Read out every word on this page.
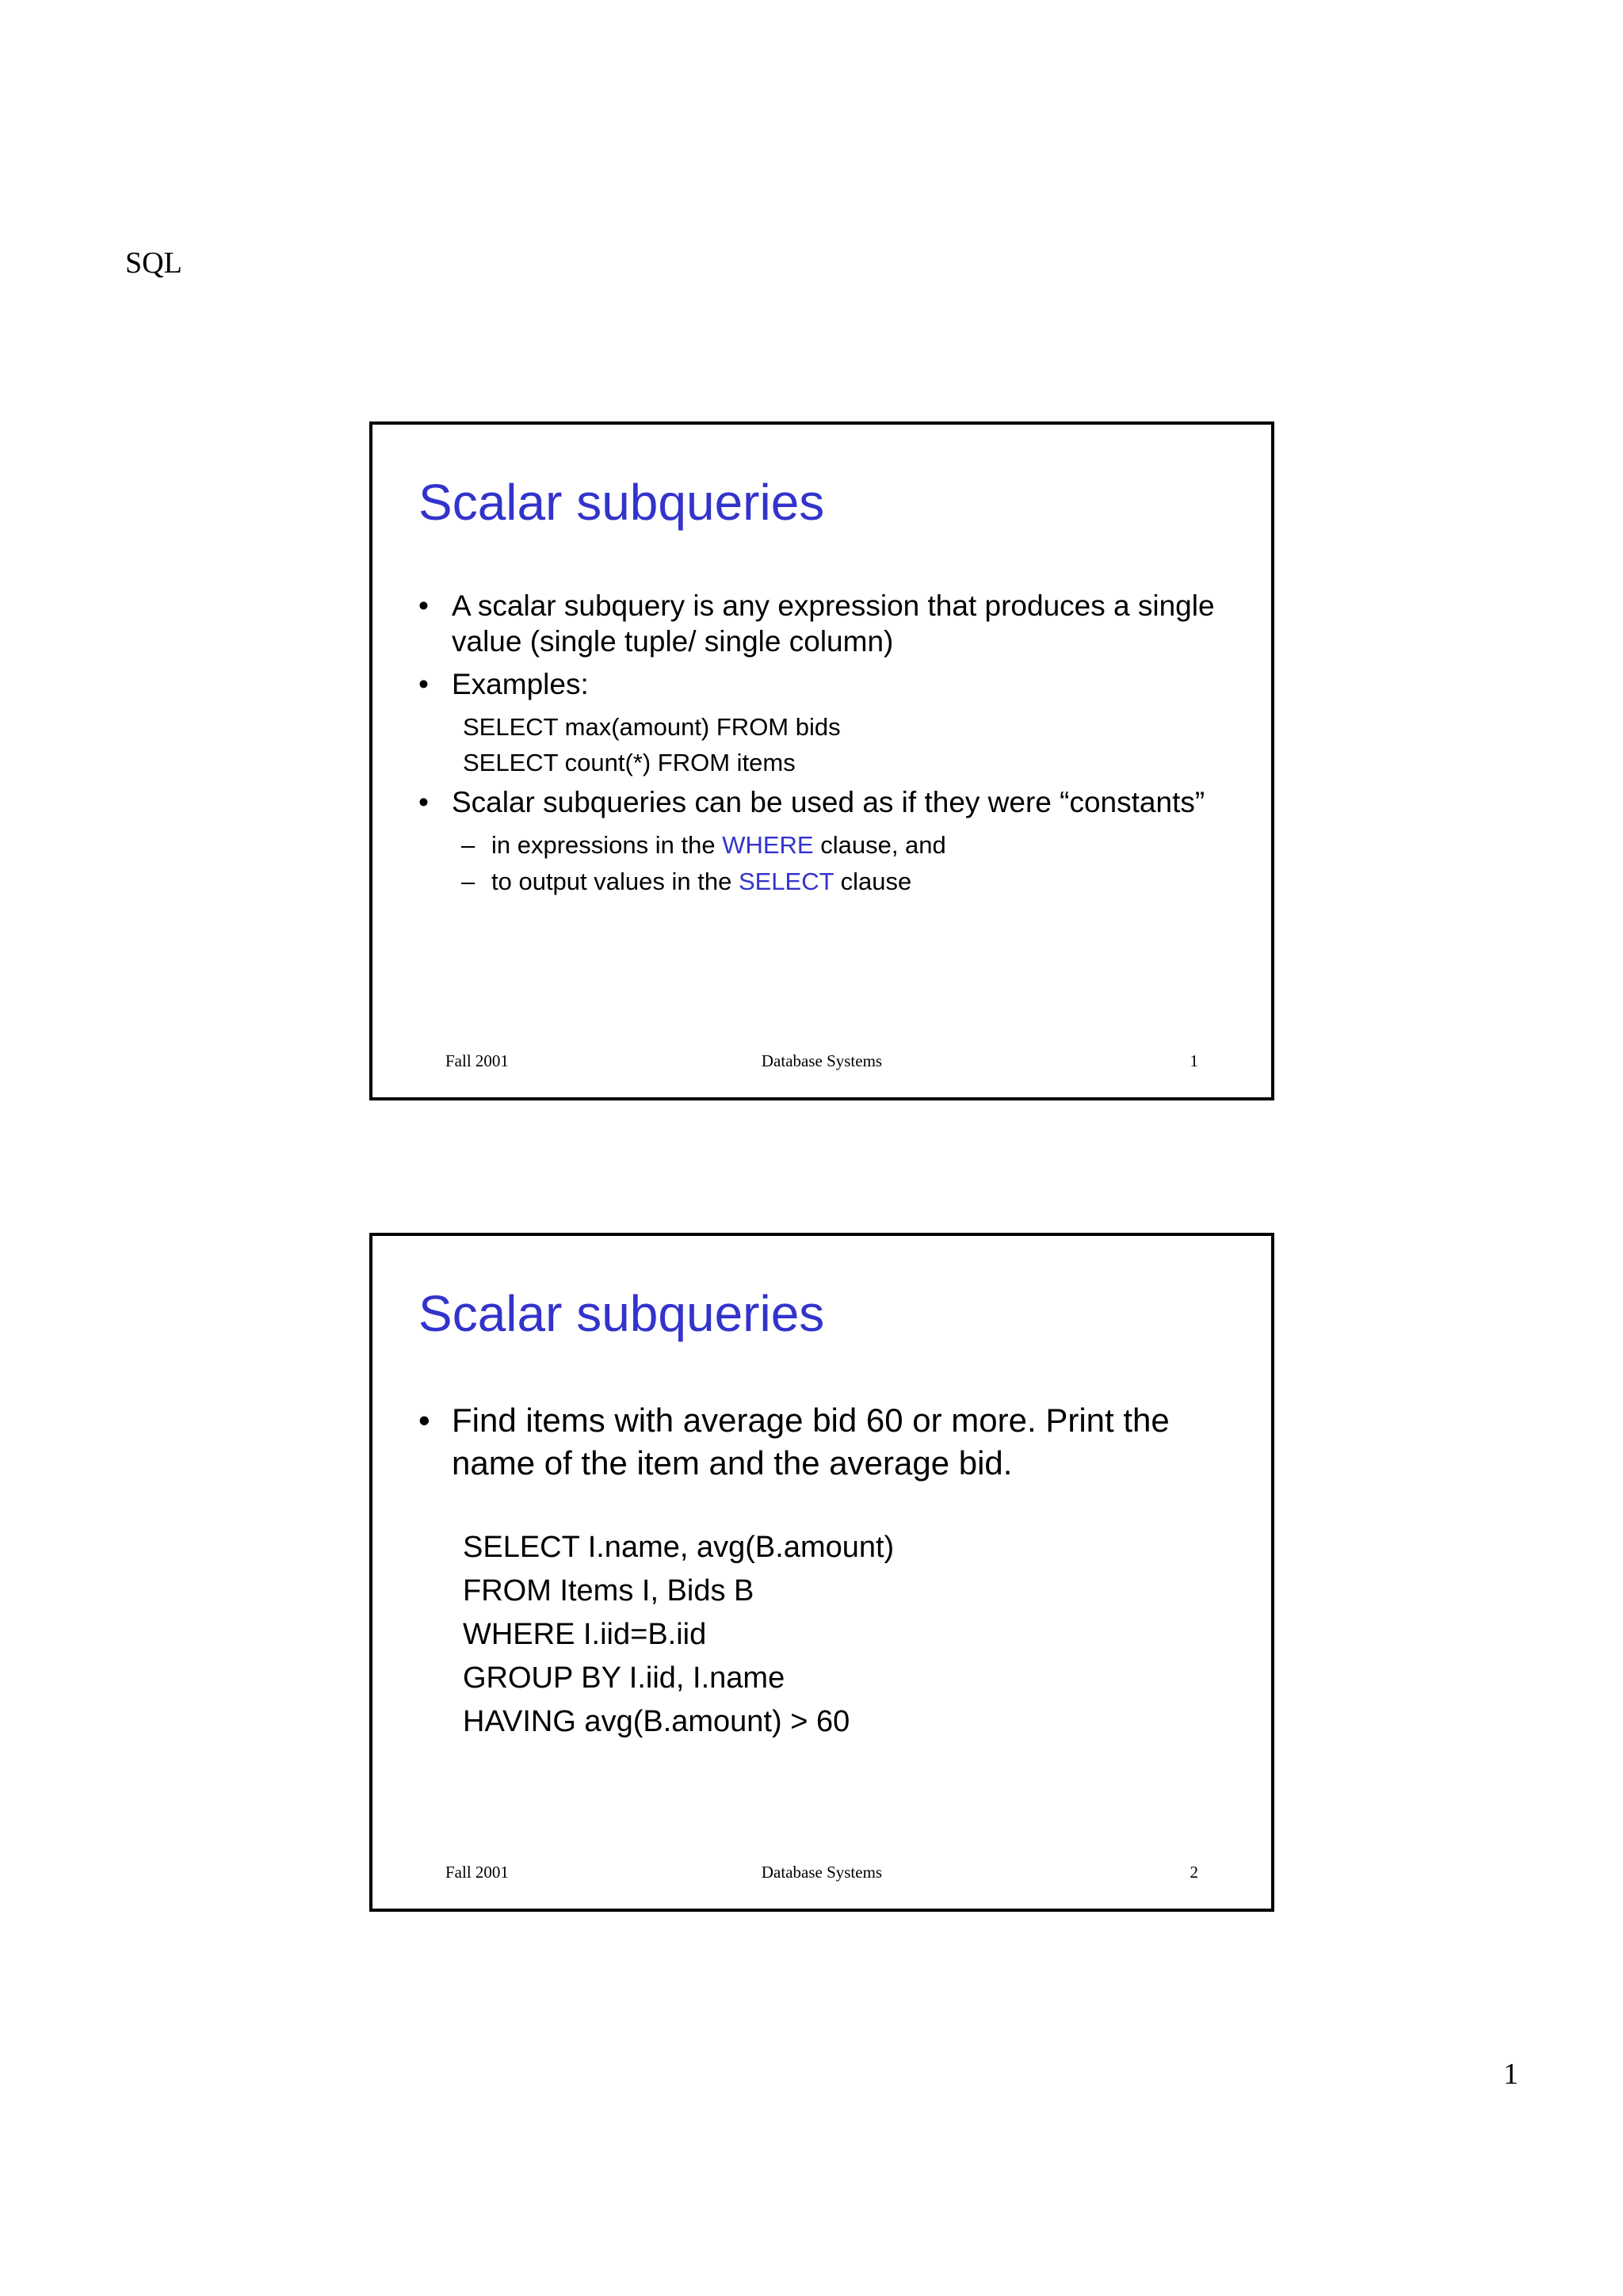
SQL
Scalar subqueries
• A scalar subquery is any expression that produces a single value (single tuple/ single column)
• Examples:
SELECT max(amount) FROM bids
SELECT count(*) FROM items
• Scalar subqueries can be used as if they were “constants”
– in expressions in the WHERE clause, and
– to output values in the SELECT clause
Fall 2001	Database Systems	1
Scalar subqueries
• Find items with average bid 60 or more. Print the name of the item and the average bid.
SELECT I.name, avg(B.amount)
FROM Items I, Bids B
WHERE I.iid=B.iid
GROUP BY I.iid, I.name
HAVING avg(B.amount) > 60
Fall 2001	Database Systems	2
1
